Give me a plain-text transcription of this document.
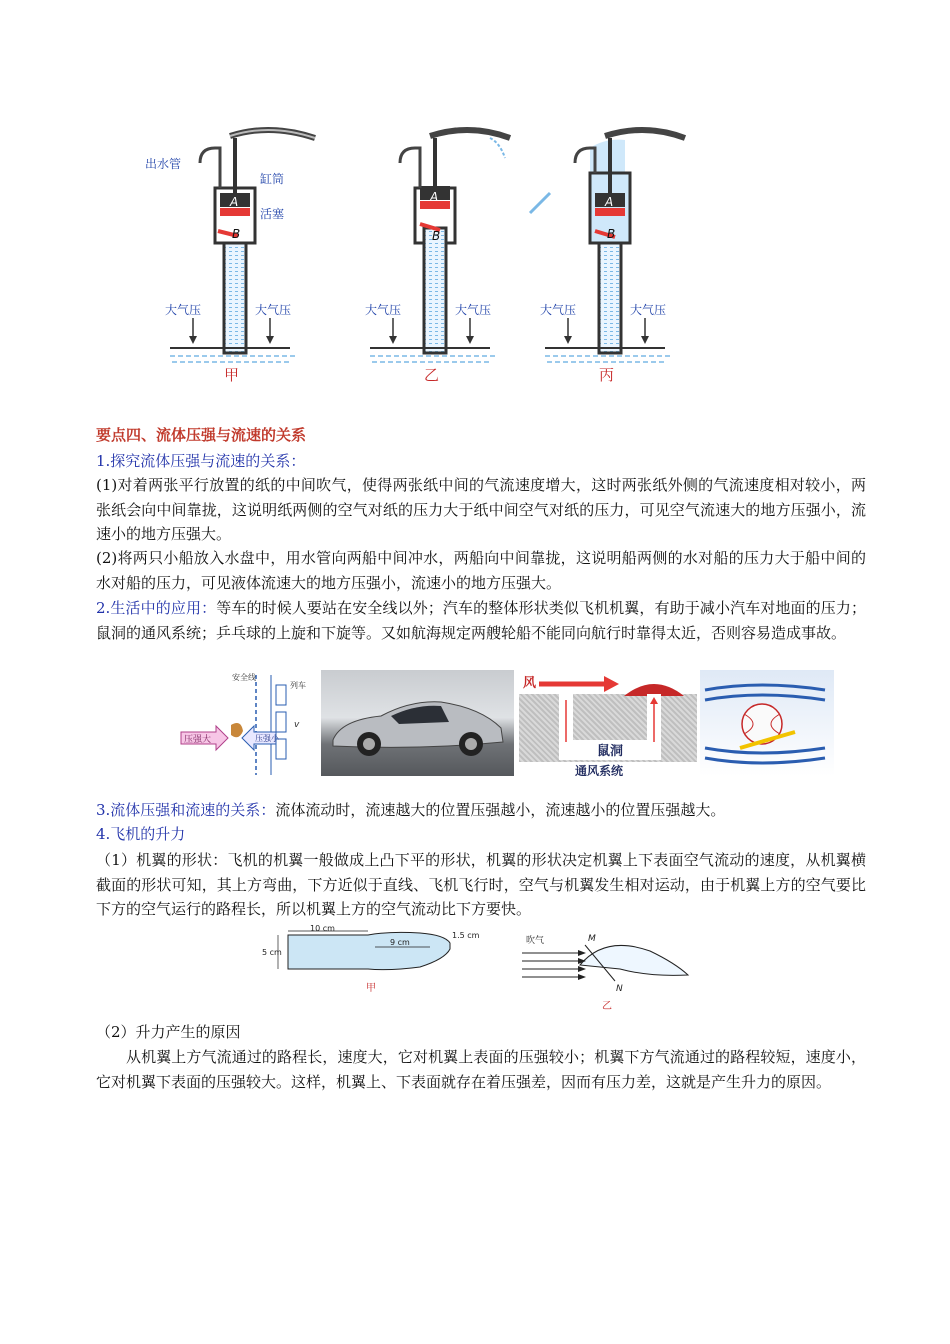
出水管
缸筒
活塞
A
B
大气压	大气压
甲
A
B
大气压	大气压
乙
A
B
大气压	大气压
丙
要点四、流体压强与流速的关系
1.探究流体压强与流速的关系：
(1)对着两张平行放置的纸的中间吹气，使得两张纸中间的气流速度增大，这时两张纸外侧的气流速度相对较小，两张纸会向中间靠拢，这说明纸两侧的空气对纸的压力大于纸中间空气对纸的压力，可见空气流速大的地方压强小，流速小的地方压强大。
(2)将两只小船放入水盘中，用水管向两船中间冲水，两船向中间靠拢，这说明船两侧的水对船的压力大于船中间的水对船的压力，可见液体流速大的地方压强小，流速小的地方压强大。
2.生活中的应用：等车的时候人要站在安全线以外；汽车的整体形状类似飞机机翼，有助于减小汽车对地面的压力；鼠洞的通风系统；乒乓球的上旋和下旋等。又如航海规定两艘轮船不能同向航行时靠得太近，否则容易造成事故。
安全线
列车
压强大	压强小
v
风
鼠洞
通风系统
3.流体压强和流速的关系：流体流动时，流速越大的位置压强越小，流速越小的位置压强越大。
4.飞机的升力
（1）机翼的形状：飞机的机翼一般做成上凸下平的形状，机翼的形状决定机翼上下表面空气流动的速度，从机翼横截面的形状可知，其上方弯曲，下方近似于直线、飞机飞行时，空气与机翼发生相对运动，由于机翼上方的空气要比下方的空气运行的路程长，所以机翼上方的空气流动比下方要快。
10 cm
9 cm
1.5 cm
5 cm
甲
吹气	M
N
乙
（2）升力产生的原因
从机翼上方气流通过的路程长，速度大，它对机翼上表面的压强较小；机翼下方气流通过的路程较短，速度小，它对机翼下表面的压强较大。这样，机翼上、下表面就存在着压强差，因而有压力差，这就是产生升力的原因。
